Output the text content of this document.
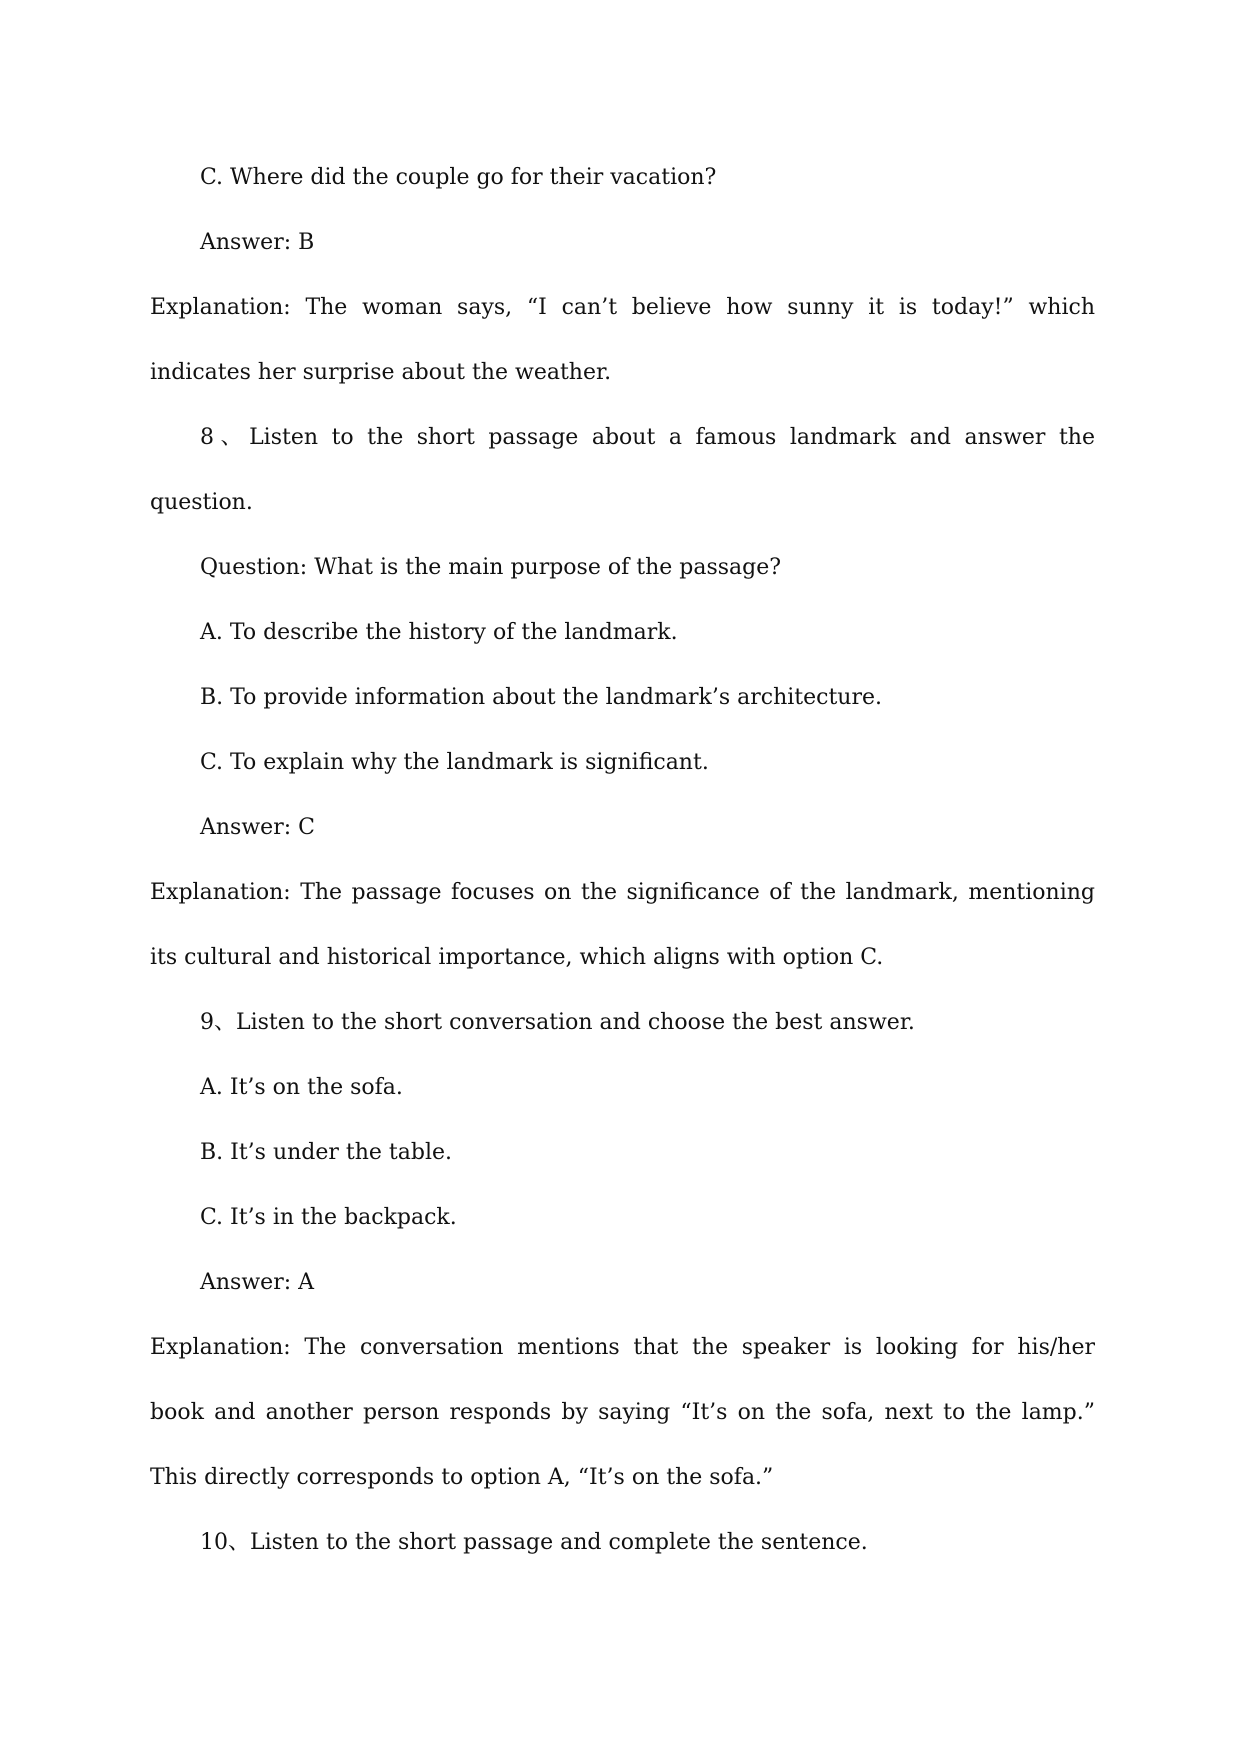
C. Where did the couple go for their vacation?
Answer: B
Explanation: The woman says, “I can’t believe how sunny it is today!” which
indicates her surprise about the weather.
8、Listen to the short passage about a famous landmark and answer the
question.
Question: What is the main purpose of the passage?
A. To describe the history of the landmark.
B. To provide information about the landmark’s architecture.
C. To explain why the landmark is significant.
Answer: C
Explanation: The passage focuses on the significance of the landmark, mentioning
its cultural and historical importance, which aligns with option C.
9、Listen to the short conversation and choose the best answer.
A. It’s on the sofa.
B. It’s under the table.
C. It’s in the backpack.
Answer: A
Explanation: The conversation mentions that the speaker is looking for his/her
book and another person responds by saying “It’s on the sofa, next to the lamp.”
This directly corresponds to option A, “It’s on the sofa.”
10、Listen to the short passage and complete the sentence.
